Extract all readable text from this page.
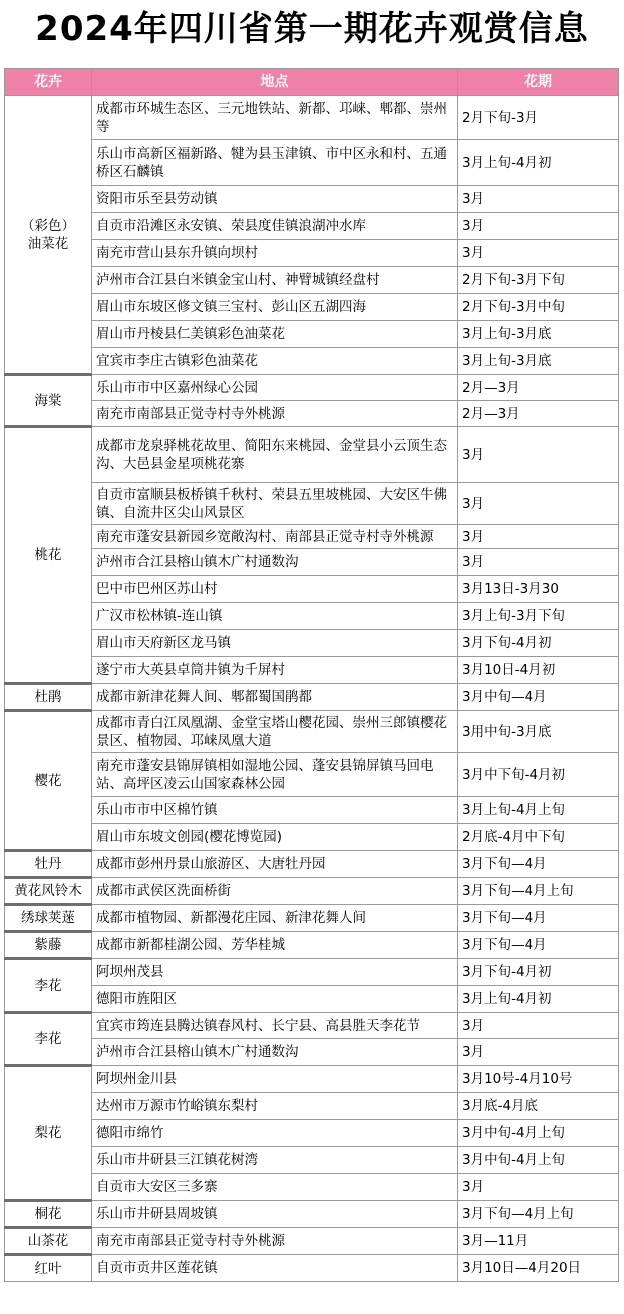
2024年四川省第一期花卉观赏信息
花卉	地点	花期
（彩色）
油菜花	成都市环城生态区、三元地铁站、新都、邛崃、郫都、崇州等	2月下旬-3月
	乐山市高新区福新路、犍为县玉津镇、市中区永和村、五通桥区石麟镇	3月上旬-4月初
	资阳市乐至县劳动镇	3月
	自贡市沿滩区永安镇、荣县度佳镇浪湖冲水库	3月
	南充市营山县东升镇向坝村	3月
	泸州市合江县白米镇金宝山村、神臂城镇经盘村	2月下旬-3月下旬
	眉山市东坡区修文镇三宝村、彭山区五湖四海	2月下旬-3月中旬
	眉山市丹棱县仁美镇彩色油菜花	3月上旬-3月底
	宜宾市李庄古镇彩色油菜花	3月上旬-3月底
海棠	乐山市市中区嘉州绿心公园	2月—3月
	南充市南部县正觉寺村寺外桃源	2月—3月
桃花	成都市龙泉驿桃花故里、简阳东来桃园、金堂县小云顶生态沟、大邑县金星项桃花寨	3月
	自贡市富顺县板桥镇千秋村、荣县五里坡桃园、大安区牛佛镇、自流井区尖山风景区	3月
	南充市蓬安县新园乡宽敞沟村、南部县正觉寺村寺外桃源	3月
	泸州市合江县榕山镇木广村通数沟	3月
	巴中市巴州区苏山村	3月13日-3月30
	广汉市松林镇-连山镇	3月上旬-3月下旬
	眉山市天府新区龙马镇	3月下旬-4月初
	遂宁市大英县卓筒井镇为千屏村	3月10日-4月初
杜鹃	成都市新津花舞人间、郫都蜀国鹃都	3月中旬—4月
樱花	成都市青白江凤凰湖、金堂宝塔山樱花园、崇州三郎镇樱花景区、植物园、邛崃凤凰大道	3用中旬-3月底
	南充市蓬安县锦屏镇相如湿地公园、蓬安县锦屏镇马回电站、高坪区凌云山国家森林公园	3月中下旬-4月初
	乐山市市中区棉竹镇	3月上旬-4月上旬
	眉山市东坡文创园(樱花博览园)	2月底-4月中下旬
牡丹	成都市彭州丹景山旅游区、大唐牡丹园	3月下旬—4月
黄花风铃木	成都市武侯区洗面桥街	3月下旬—4月上旬
绣球荚蒾	成都市植物园、新都漫花庄园、新津花舞人间	3月下旬—4月
紫藤	成都市新都桂湖公园、芳华桂城	3月下旬—4月
李花	阿坝州茂县	3月下旬-4月初
	德阳市旌阳区	3月上旬-4月初
李花	宜宾市筠连县腾达镇春风村、长宁县、高县胜天李花节	3月
	泸州市合江县榕山镇木广村通数沟	3月
梨花	阿坝州金川县	3月10号-4月10号
	达州市万源市竹峪镇东梨村	3月底-4月底
	德阳市绵竹	3月中旬-4月上旬
	乐山市井研县三江镇花树湾	3月中旬-4月上旬
	自贡市大安区三多寨	3月
桐花	乐山市井研县周坡镇	3月下旬—4月上旬
山茶花	南充市南部县正觉寺村寺外桃源	3月—11月
红叶	自贡市贡井区莲花镇	3月10日—4月20日
